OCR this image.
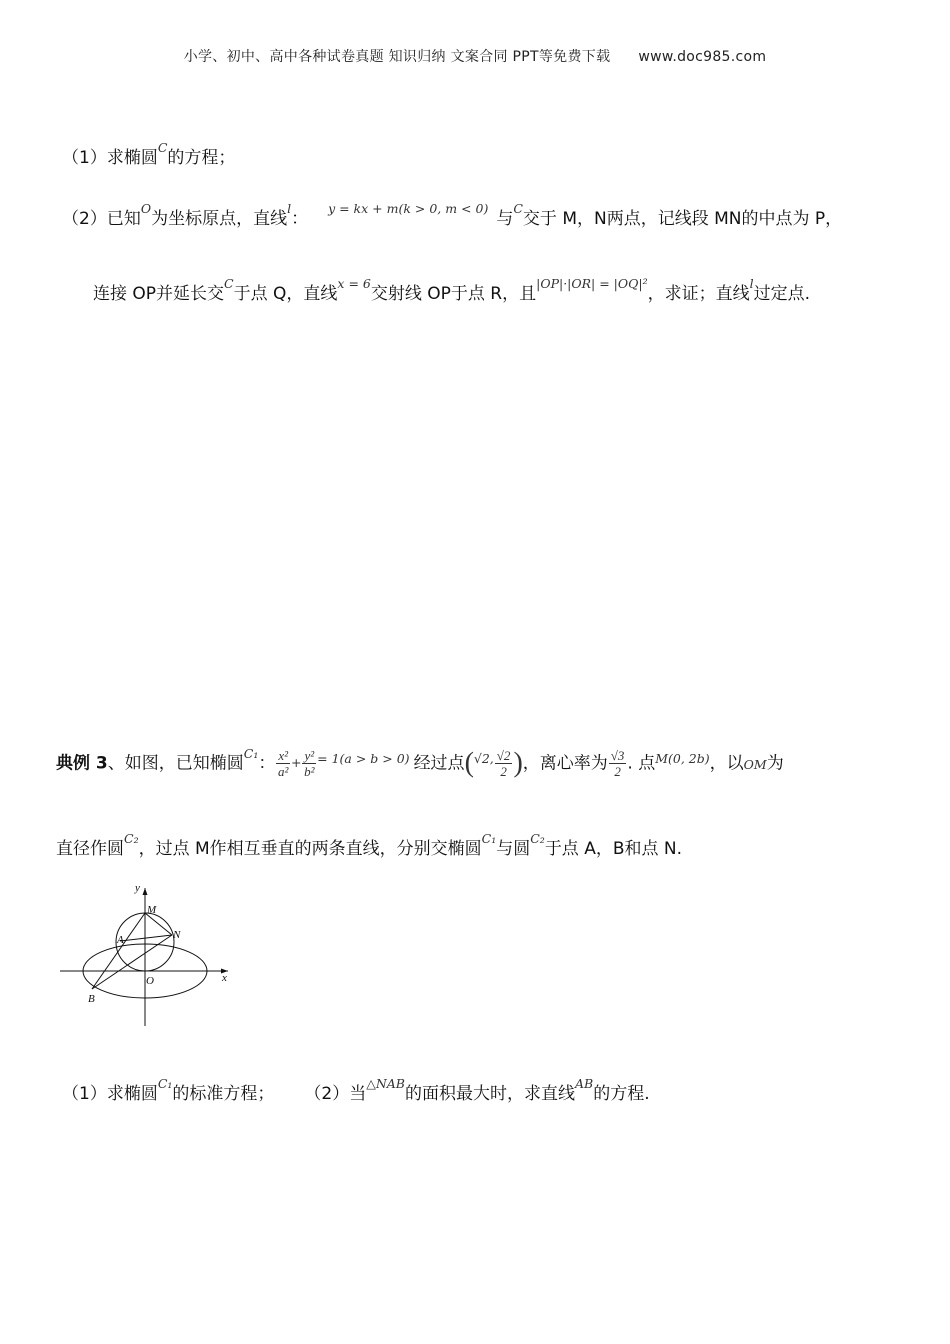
小学、初中、高中各种试卷真题 知识归纳 文案合同 PPT等免费下载 www.doc985.com
（1）求椭圆$^C$的方程；
（2）已知$^O$为坐标原点，直线$^l$：$^{y = kx + m(k > 0, m < 0)}$与$^C$交于 M，N两点，记线段 MN的中点为 P，
连接 OP并延长交$^C$于点 Q，直线$^{x = 6}$交射线 OP于点 R，且$^{|OP|\cdot|OR| = |OQ|^2}$，求证；直线$^l$过定点.
典例 3、如图，已知椭圆$^{C_1}$： $\frac{\text{x²}}{\text{a²}} + \frac{\text{y²}}{\text{b²}} ^{= 1(a > b > 0)}$ 经过点($^{√2,} \frac{√2}{2}$ )，离心率为 $\frac{√3}{2}$ . 点$^{M(0, 2b)}$，以OM为
直径作圆$^{C_2}$，过点 M作相互垂直的两条直线，分别交椭圆$^{C_1}$与圆$^{C_2}$于点 A，B和点 N.
y
x
O
M
N
A
B
（1）求椭圆$^{C_1}$的标准方程； （2）当$^{\triangle NAB}$的面积最大时，求直线$^{AB}$的方程.
